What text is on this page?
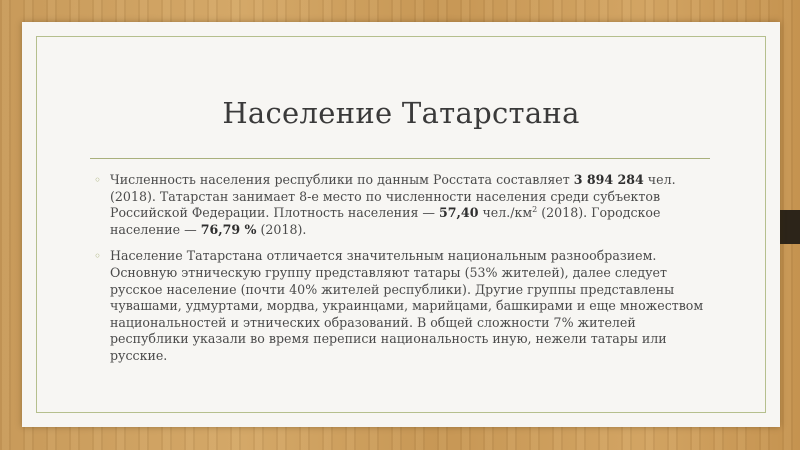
Население Татарстана

◦ Численность населения республики по данным Росстата составляет 3 894 284 чел. (2018). Татарстан занимает 8-е место по численности населения среди субъектов Российской Федерации. Плотность населения — 57,40 $чел./км^2$ (2018). Городское население — 76,79 % (2018).

◦ Население Татарстана отличается значительным национальным разнообразием. Основную этническую группу представляют татары (53% жителей), далее следует русское население (почти 40% жителей республики). Другие группы представлены чувашами, удмуртами, мордва, украинцами, марийцами, башкирами и еще множеством национальностей и этнических образований. В общей сложности 7% жителей республики указали во время переписи национальность иную, нежели татары или русские.
